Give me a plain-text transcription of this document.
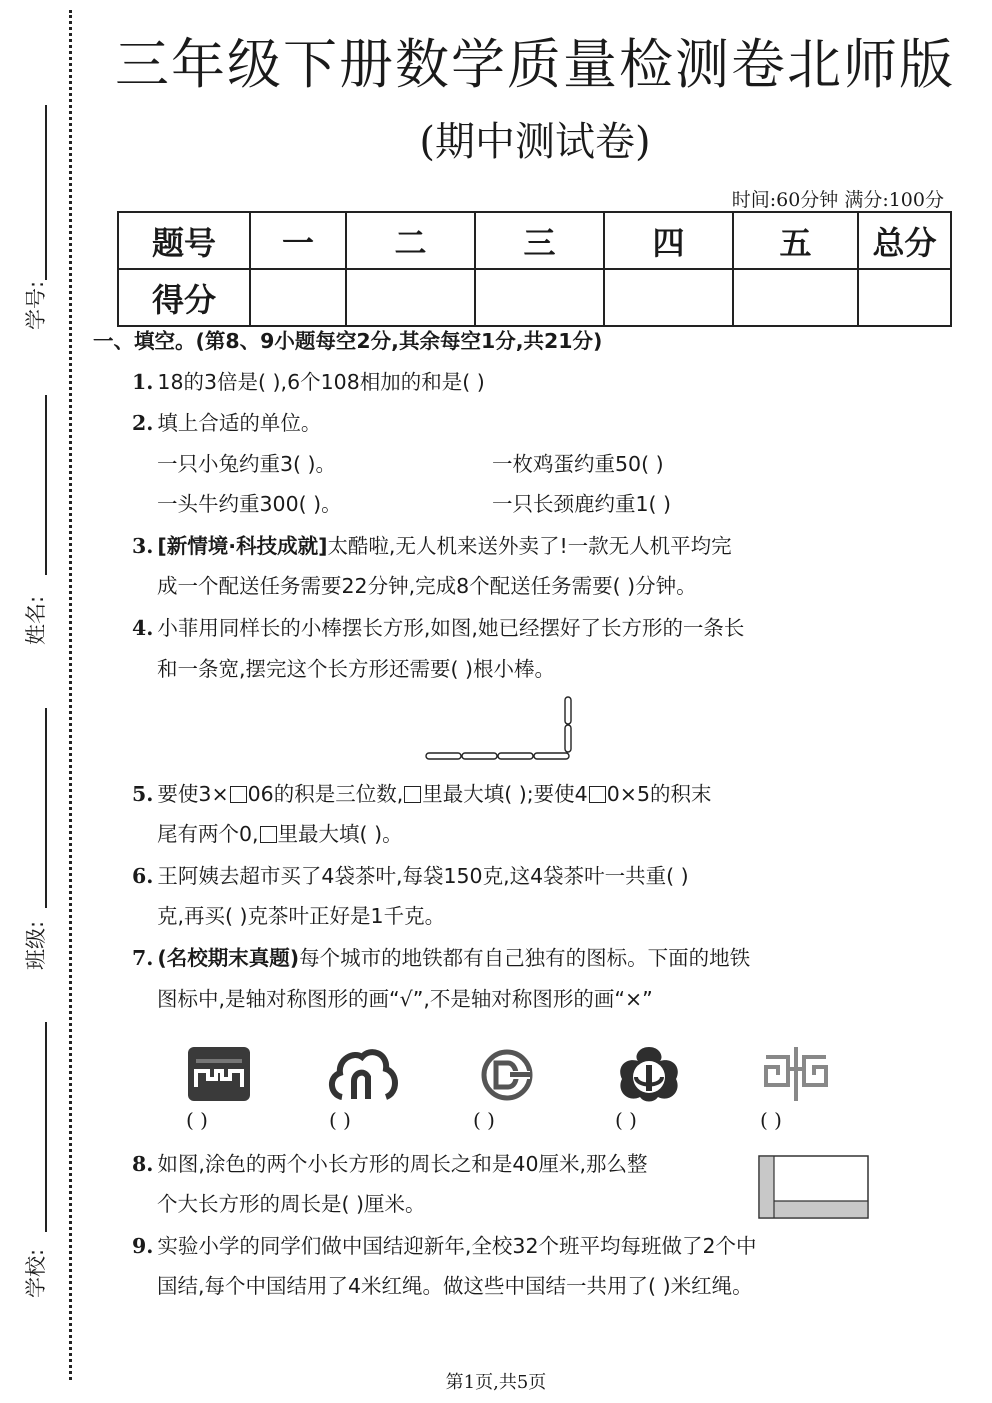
学号:
姓名:
班级:
学校:
三年级下册数学质量检测卷北师版
(期中测试卷)
时间:60分钟 满分:100分
题号	一	二	三	四	五	总分
得分						
一、填空。(第8、9小题每空2分,其余每空1分,共21分)
1. 18的3倍是( ),6个108相加的和是( )
2. 填上合适的单位。
一只小兔约重3( )。	一枚鸡蛋约重50( )
一头牛约重300( )。	一只长颈鹿约重1( )
3. [新情境·科技成就]太酷啦,无人机来送外卖了!一款无人机平均完
成一个配送任务需要22分钟,完成8个配送任务需要( )分钟。
4. 小菲用同样长的小棒摆长方形,如图,她已经摆好了长方形的一条长
和一条宽,摆完这个长方形还需要( )根小棒。
5. 要使3× 06的积是三位数, 里最大填( );要使4 0×5的积末
尾有两个0, 里最大填( )。
6. 王阿姨去超市买了4袋茶叶,每袋150克,这4袋茶叶一共重( )
克,再买( )克茶叶正好是1千克。
7. (名校期末真题)每个城市的地铁都有自己独有的图标。下面的地铁
图标中,是轴对称图形的画“√”,不是轴对称图形的画“×”
( )	( )	( )	( )	( )
8. 如图,涂色的两个小长方形的周长之和是40厘米,那么整
个大长方形的周长是( )厘米。
9. 实验小学的同学们做中国结迎新年,全校32个班平均每班做了2个中
国结,每个中国结用了4米红绳。做这些中国结一共用了( )米红绳。
第1页,共5页
